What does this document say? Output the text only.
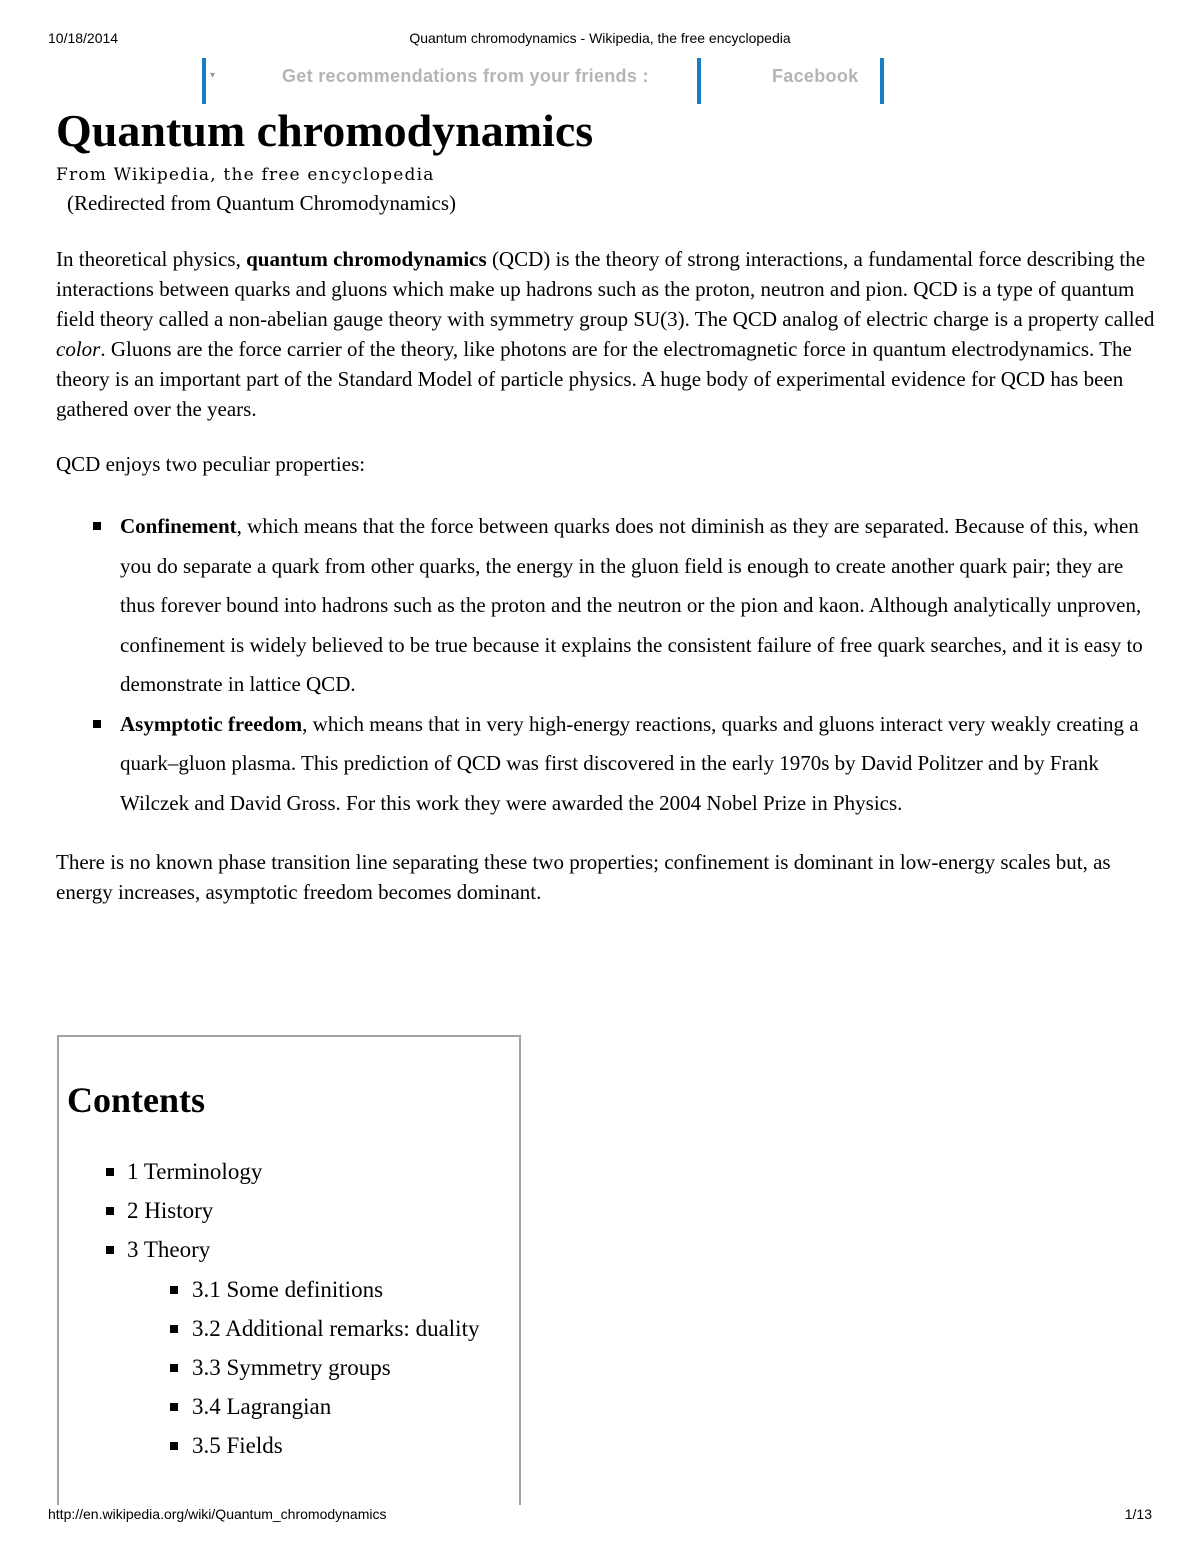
10/18/2014	Quantum chromodynamics - Wikipedia, the free encyclopedia
▾	Get recommendations from your friends :	Facebook
Quantum chromodynamics
From Wikipedia, the free encyclopedia
(Redirected from Quantum Chromodynamics)

In theoretical physics, quantum chromodynamics (QCD) is the theory of strong interactions, a fundamental force describing the interactions between quarks and gluons which make up hadrons such as the proton, neutron and pion. QCD is a type of quantum field theory called a non-abelian gauge theory with symmetry group SU(3). The QCD analog of electric charge is a property called color. Gluons are the force carrier of the theory, like photons are for the electromagnetic force in quantum electrodynamics. The theory is an important part of the Standard Model of particle physics. A huge body of experimental evidence for QCD has been gathered over the years.

QCD enjoys two peculiar properties:

Confinement, which means that the force between quarks does not diminish as they are separated. Because of this, when you do separate a quark from other quarks, the energy in the gluon field is enough to create another quark pair; they are thus forever bound into hadrons such as the proton and the neutron or the pion and kaon. Although analytically unproven, confinement is widely believed to be true because it explains the consistent failure of free quark searches, and it is easy to demonstrate in lattice QCD.
Asymptotic freedom, which means that in very high-energy reactions, quarks and gluons interact very weakly creating a quark–gluon plasma. This prediction of QCD was first discovered in the early 1970s by David Politzer and by Frank Wilczek and David Gross. For this work they were awarded the 2004 Nobel Prize in Physics.

There is no known phase transition line separating these two properties; confinement is dominant in low-energy scales but, as energy increases, asymptotic freedom becomes dominant.

Contents
1 Terminology
2 History
3 Theory
3.1 Some definitions
3.2 Additional remarks: duality
3.3 Symmetry groups
3.4 Lagrangian
3.5 Fields
http://en.wikipedia.org/wiki/Quantum_chromodynamics	1/13
